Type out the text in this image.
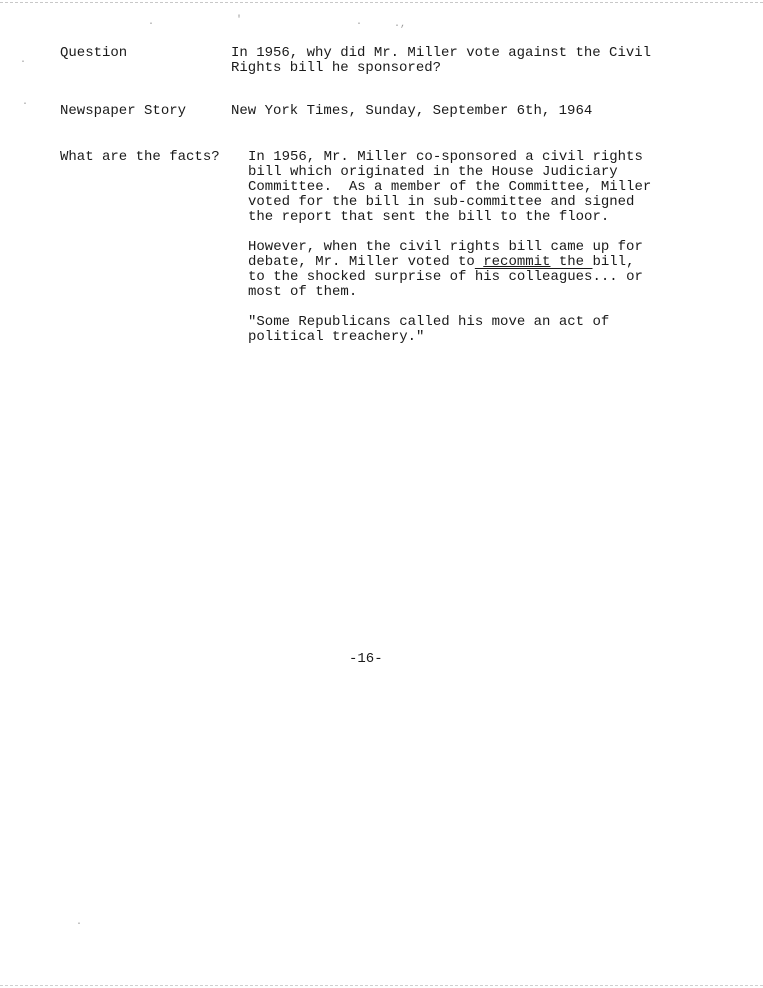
.	'	.	.,
.
.
.
Question	In 1956, why did Mr. Miller vote against the Civil
Rights bill he sponsored?
Newspaper Story	New York Times, Sunday, September 6th, 1964
What are the facts?	In 1956, Mr. Miller co-sponsored a civil rights
bill which originated in the House Judiciary
Committee.  As a member of the Committee, Miller
voted for the bill in sub-committee and signed
the report that sent the bill to the floor.
However, when the civil rights bill came up for
debate, Mr. Miller voted to recommit the bill,
to the shocked surprise of his colleagues... or
most of them.
"Some Republicans called his move an act of
political treachery."
-16-
